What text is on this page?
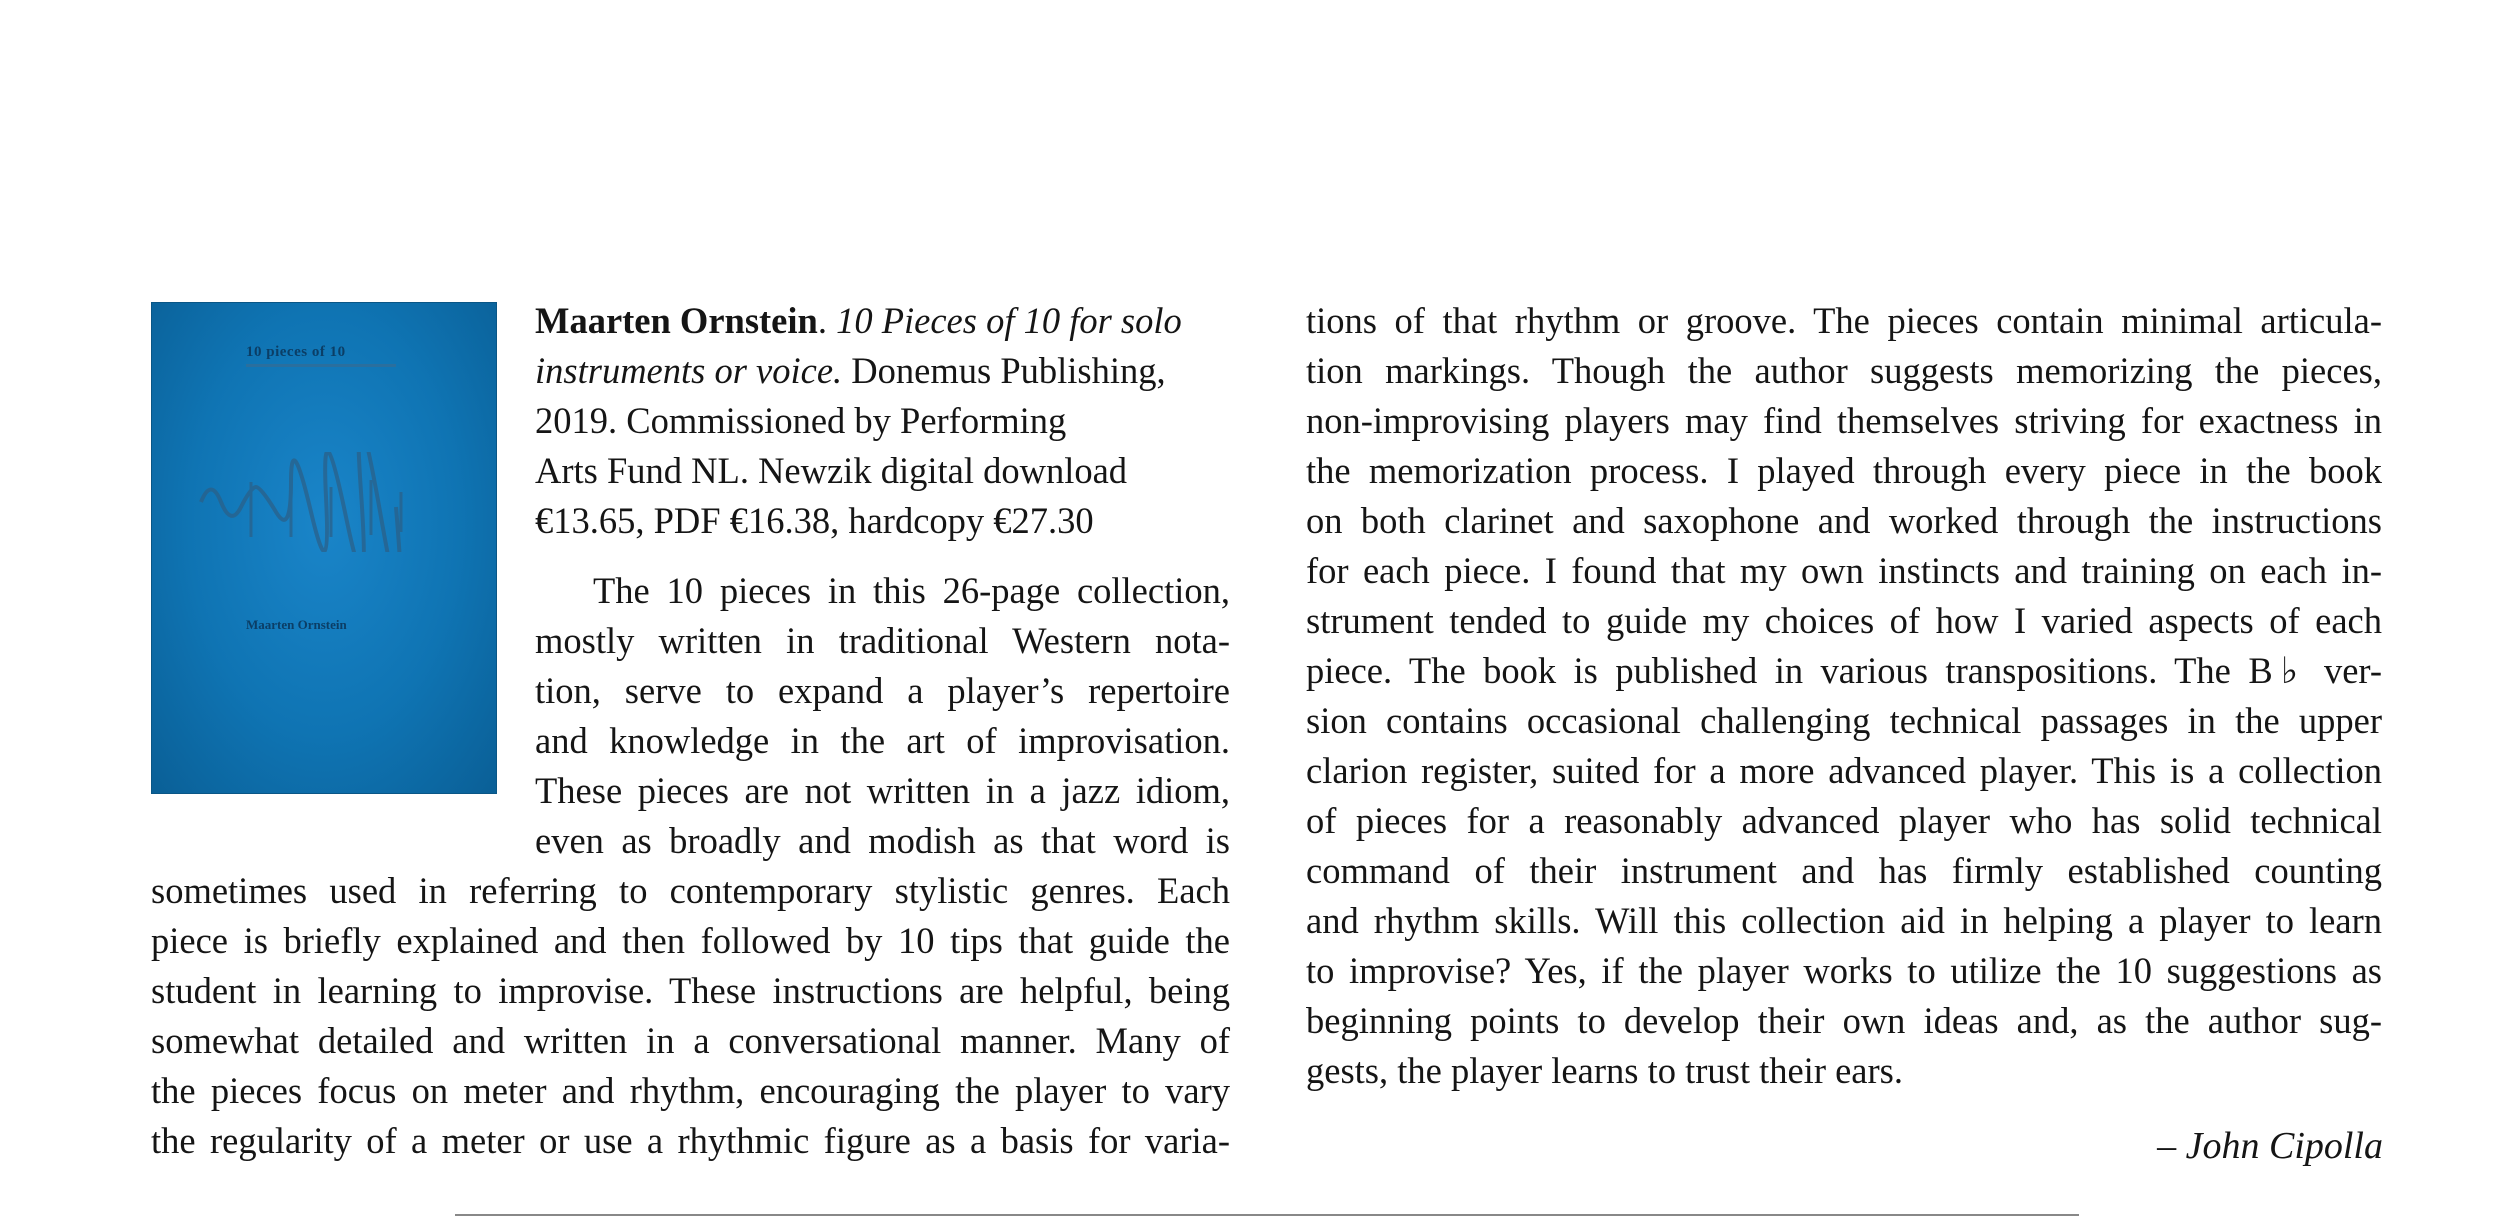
10 pieces of 10
Maarten Ornstein
Maarten Ornstein. 10 Pieces of 10 for solo
instruments or voice. Donemus Publishing,
2019. Commissioned by Performing
Arts Fund NL. Newzik digital download
€13.65, PDF €16.38, hardcopy €27.30
The 10 pieces in this 26-page collection,
mostly written in traditional Western nota-
tion, serve to expand a player’s repertoire
and knowledge in the art of improvisation.
These pieces are not written in a jazz idiom,
even as broadly and modish as that word is
sometimes used in referring to contemporary stylistic genres. Each
piece is briefly explained and then followed by 10 tips that guide the
student in learning to improvise. These instructions are helpful, being
somewhat detailed and written in a conversational manner. Many of
the pieces focus on meter and rhythm, encouraging the player to vary
the regularity of a meter or use a rhythmic figure as a basis for varia-
tions of that rhythm or groove. The pieces contain minimal articula-
tion markings. Though the author suggests memorizing the pieces,
non-improvising players may find themselves striving for exactness in
the memorization process. I played through every piece in the book
on both clarinet and saxophone and worked through the instructions
for each piece. I found that my own instincts and training on each in-
strument tended to guide my choices of how I varied aspects of each
piece. The book is published in various transpositions. The B♭ ver-
sion contains occasional challenging technical passages in the upper
clarion register, suited for a more advanced player. This is a collection
of pieces for a reasonably advanced player who has solid technical
command of their instrument and has firmly established counting
and rhythm skills. Will this collection aid in helping a player to learn
to improvise? Yes, if the player works to utilize the 10 suggestions as
beginning points to develop their own ideas and, as the author sug-
gests, the player learns to trust their ears.
– John Cipolla
